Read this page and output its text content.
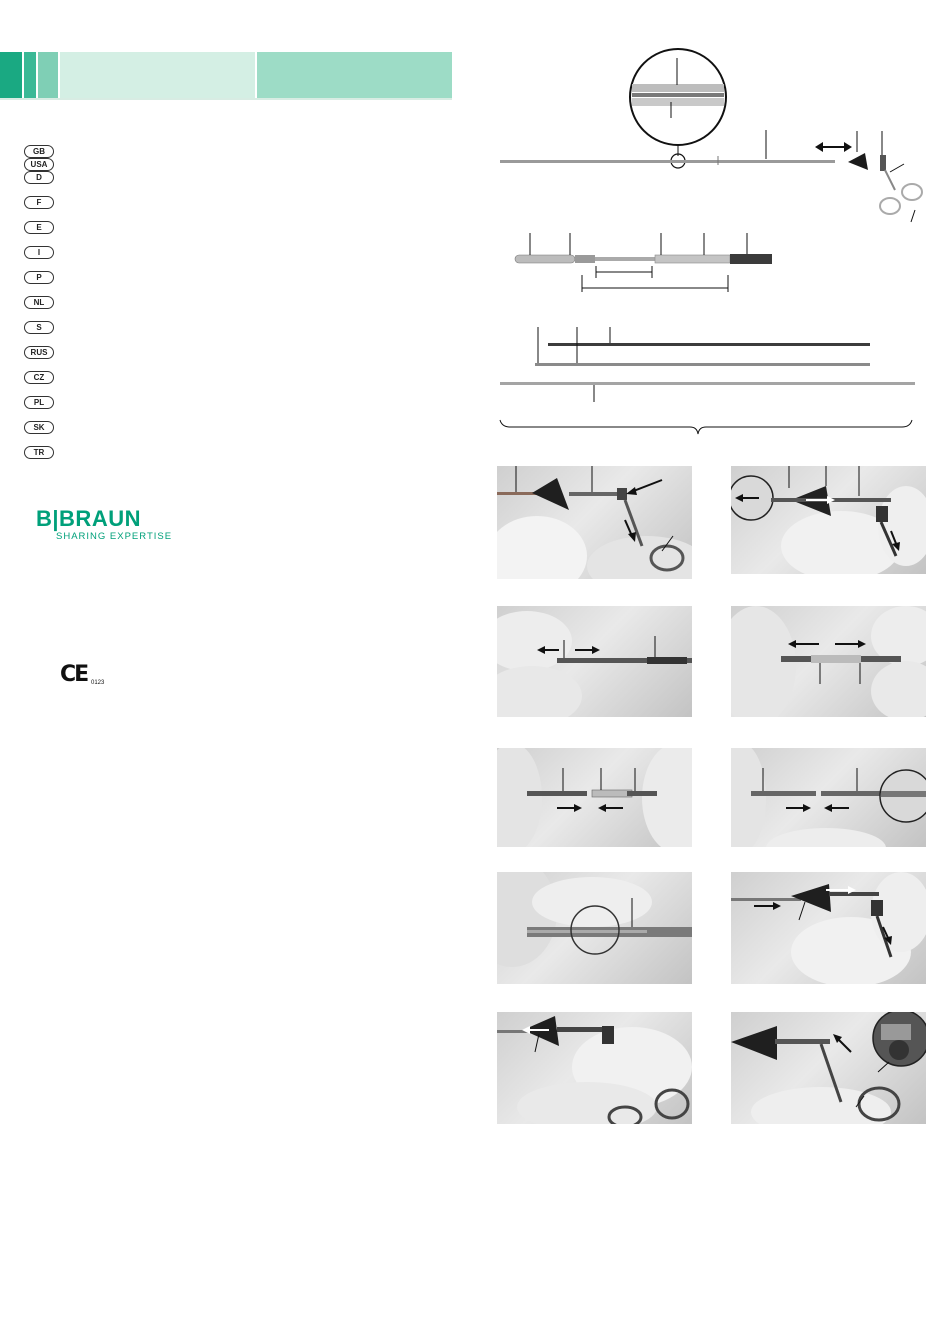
GB
USA
D
F
E
I
P
NL
S
RUS
CZ
PL
SK
TR
B|BRAUN
SHARING EXPERTISE
CE 0123
